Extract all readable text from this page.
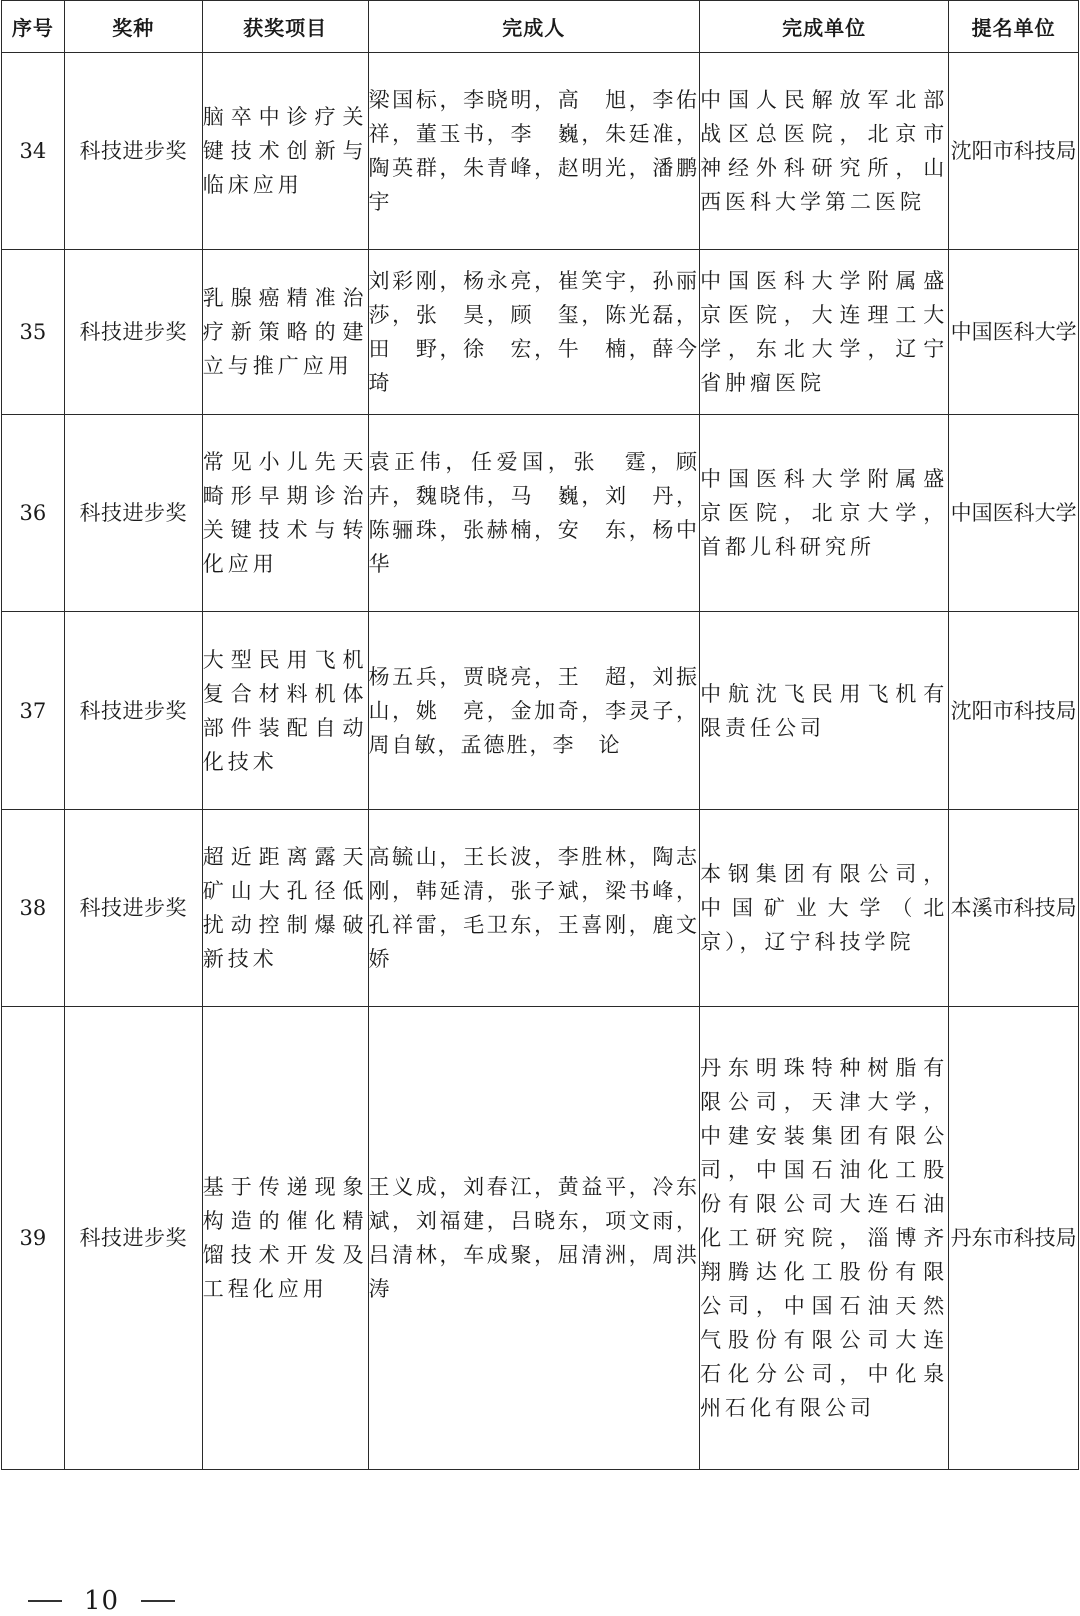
序号	奖种	获奖项目	完成人	完成单位	提名单位
34	科技进步奖	脑卒中诊疗关键技术创新与临床应用	梁国标，李晓明，高　旭，李佑祥，董玉书，李　巍，朱廷准，陶英群，朱青峰，赵明光，潘鹏宇	中国人民解放军北部战区总医院，北京市神经外科研究所，山西医科大学第二医院	沈阳市科技局
35	科技进步奖	乳腺癌精准治疗新策略的建立与推广应用	刘彩刚，杨永亮，崔笑宇，孙丽莎，张　昊，顾　玺，陈光磊，田　野，徐　宏，牛　楠，薛今琦	中国医科大学附属盛京医院，大连理工大学，东北大学，辽宁省肿瘤医院	中国医科大学
36	科技进步奖	常见小儿先天畸形早期诊治关键技术与转化应用	袁正伟，任爱国，张　霆，顾　卉，魏晓伟，马　巍，刘　丹，陈骊珠，张赫楠，安　东，杨中华	中国医科大学附属盛京医院，北京大学，首都儿科研究所	中国医科大学
37	科技进步奖	大型民用飞机复合材料机体部件装配自动化技术	杨五兵，贾晓亮，王　超，刘振山，姚　亮，金加奇，李灵子，周自敏，孟德胜，李　论	中航沈飞民用飞机有限责任公司	沈阳市科技局
38	科技进步奖	超近距离露天矿山大孔径低扰动控制爆破新技术	高毓山，王长波，李胜林，陶志刚，韩延清，张子斌，梁书峰，孔祥雷，毛卫东，王喜刚，鹿文娇	本钢集团有限公司，中国矿业大学（北京），辽宁科技学院	本溪市科技局
39	科技进步奖	基于传递现象构造的催化精馏技术开发及工程化应用	王义成，刘春江，黄益平，冷东斌，刘福建，吕晓东，项文雨，吕清林，车成聚，屈清洲，周洪涛	丹东明珠特种树脂有限公司，天津大学，中建安装集团有限公司，中国石油化工股份有限公司大连石油化工研究院，淄博齐翔腾达化工股份有限公司，中国石油天然气股份有限公司大连石化分公司，中化泉州石化有限公司	丹东市科技局
10
